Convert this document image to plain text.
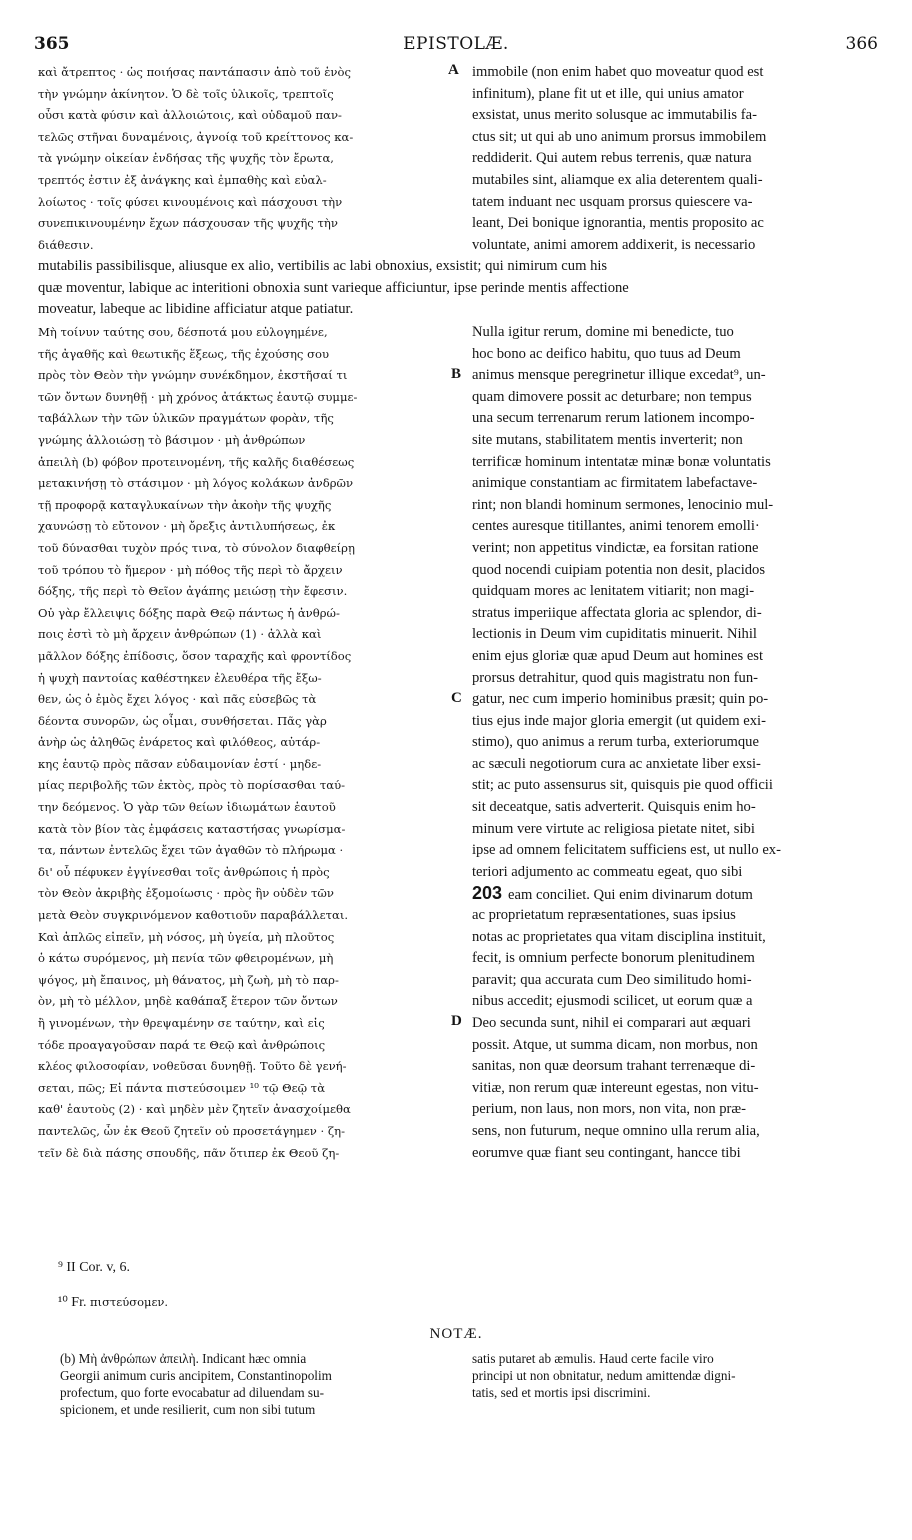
365	EPISTOLÆ.	366
καὶ ἄτρεπτος · ὡς ποιήσας παντάπασιν ἀπὸ τοῦ ἑνὸς
τὴν γνώμην ἀκίνητον. Ὁ δὲ τοῖς ὑλικοῖς, τρεπτοῖς
οὖσι κατὰ φύσιν καὶ ἀλλοιώτοις, καὶ οὐδαμοῦ παν-
τελῶς στῆναι δυναμένοις, ἀγνοίᾳ τοῦ κρείττονος κα-
τὰ γνώμην οἰκείαν ἐνδήσας τῆς ψυχῆς τὸν ἔρωτα,
τρεπτός ἐστιν ἐξ ἀνάγκης καὶ ἐμπαθὴς καὶ εὐαλ-
λοίωτος · τοῖς φύσει κινουμένοις καὶ πάσχουσι τὴν
συνεπικινουμένην ἔχων πάσχουσαν τῆς ψυχῆς τὴν
διάθεσιν.
immobile (non enim habet quo moveatur quod est
infinitum), plane fit ut et ille, qui unius amator
exsistat, unus merito solusque ac immutabilis fa-
ctus sit; ut qui ab uno animum prorsus immobilem
reddiderit. Qui autem rebus terrenis, quæ natura
mutabiles sint, aliamque ex alia deterentem quali-
tatem induant nec usquam prorsus quiescere va-
leant, Dei bonique ignorantia, mentis proposito ac
voluntate, animi amorem addixerit, is necessario
mutabilis passibilisque, aliusque ex alio, vertibilis ac labi obnoxius, exsistit; qui nimirum cum his
quæ moventur, labique ac interitioni obnoxia sunt varieque afficiuntur, ipse perinde mentis affectione
moveatur, labeque ac libidine afficiatur atque patiatur.
Μὴ τοίνυν ταύτης σου, δέσποτά μου εὐλογημένε,
τῆς ἀγαθῆς καὶ θεωτικῆς ἕξεως, τῆς ἐχούσης σου
πρὸς τὸν Θεὸν τὴν γνώμην συνέκδημον, ἐκστῆσαί τι
τῶν ὄντων δυνηθῇ · μὴ χρόνος ἀτάκτως ἑαυτῷ συμμε-
ταβάλλων τὴν τῶν ὑλικῶν πραγμάτων φορὰν, τῆς
γνώμης ἀλλοιώσῃ τὸ βάσιμον · μὴ ἀνθρώπων
ἀπειλὴ (b) φόβον προτεινομένη, τῆς καλῆς διαθέσεως
μετακινήσῃ τὸ στάσιμον · μὴ λόγος κολάκων ἀνδρῶν
τῇ προφορᾷ καταγλυκαίνων τὴν ἀκοὴν τῆς ψυχῆς
χαυνώσῃ τὸ εὔτονον · μὴ ὄρεξις ἀντιλυπήσεως, ἐκ
τοῦ δύνασθαι τυχὸν πρός τινα, τὸ σύνολον διαφθείρῃ
τοῦ τρόπου τὸ ἥμερον · μὴ πόθος τῆς περὶ τὸ ἄρχειν
δόξης, τῆς περὶ τὸ Θεῖον ἀγάπης μειώσῃ τὴν ἔφεσιν.
Οὐ γὰρ ἔλλειψις δόξης παρὰ Θεῷ πάντως ἡ ἀνθρώ-
ποις ἐστὶ τὸ μὴ ἄρχειν ἀνθρώπων (1) · ἀλλὰ καὶ
μᾶλλον δόξης ἐπίδοσις, ὅσον ταραχῆς καὶ φροντίδος
ἡ ψυχὴ παντοίας καθέστηκεν ἐλευθέρα τῆς ἔξω-
θεν, ὡς ὁ ἐμὸς ἔχει λόγος · καὶ πᾶς εὐσεβῶς τὰ
δέοντα συνορῶν, ὡς οἶμαι, συνθήσεται. Πᾶς γὰρ
ἀνὴρ ὡς ἀληθῶς ἐνάρετος καὶ φιλόθεος, αὐτάρ-
κης ἑαυτῷ πρὸς πᾶσαν εὐδαιμονίαν ἐστί · μηδε-
μίας περιβολῆς τῶν ἐκτὸς, πρὸς τὸ πορίσασθαι ταύ-
την δεόμενος. Ὁ γὰρ τῶν θείων ἰδιωμάτων ἑαυτοῦ
κατὰ τὸν βίον τὰς ἐμφάσεις καταστήσας γνωρίσμα-
τα, πάντων ἐντελῶς ἔχει τῶν ἀγαθῶν τὸ πλήρωμα ·
δι' οὗ πέφυκεν ἐγγίνεσθαι τοῖς ἀνθρώποις ἡ πρὸς
τὸν Θεὸν ἀκριβὴς ἐξομοίωσις · πρὸς ἣν οὐδὲν τῶν
μετὰ Θεὸν συγκρινόμενον καθοτιοῦν παραβάλλεται.
Καὶ ἁπλῶς εἰπεῖν, μὴ νόσος, μὴ ὑγεία, μὴ πλοῦτος
ὁ κάτω συρόμενος, μὴ πενία τῶν φθειρομένων, μὴ
ψόγος, μὴ ἔπαινος, μὴ θάνατος, μὴ ζωὴ, μὴ τὸ παρ-
ὸν, μὴ τὸ μέλλον, μηδὲ καθάπαξ ἕτερον τῶν ὄντων
ἢ γινομένων, τὴν θρεψαμένην σε ταύτην, καὶ εἰς
τόδε προαγαγοῦσαν παρά τε Θεῷ καὶ ἀνθρώποις
κλέος φιλοσοφίαν, νοθεῦσαι δυνηθῇ. Τοῦτο δὲ γενή-
σεται, πῶς; Εἰ πάντα πιστεύσοιμεν ¹⁰ τῷ Θεῷ τὰ
καθ' ἑαυτοὺς (2) · καὶ μηδὲν μὲν ζητεῖν ἀνασχοίμεθα
παντελῶς, ὧν ἐκ Θεοῦ ζητεῖν οὐ προσετάγημεν · ζη-
τεῖν δὲ διὰ πάσης σπουδῆς, πᾶν ὅτιπερ ἐκ Θεοῦ ζη-
Nulla igitur rerum, domine mi benedicte, tuo
hoc bono ac deifico habitu, quo tuus ad Deum
animus mensque peregrinetur illique excedat⁹, un-
quam dimovere possit ac deturbare; non tempus
una secum terrenarum rerum lationem incompo-
site mutans, stabilitatem mentis inverterit; non
terrificæ hominum intentatæ minæ bonæ voluntatis
animique constantiam ac firmitatem labefactave-
rint; non blandi hominum sermones, lenocinio mul-
centes auresque titillantes, animi tenorem emolli·
verint; non appetitus vindictæ, ea forsitan ratione
quod nocendi cuipiam potentia non desit, placidos
quidquam mores ac lenitatem vitiarit; non magi-
stratus imperiique affectata gloria ac splendor, di-
lectionis in Deum vim cupiditatis minuerit. Nihil
enim ejus gloriæ quæ apud Deum aut homines est
prorsus detrahitur, quod quis magistratu non fun-
gatur, nec cum imperio hominibus præsit; quin po-
tius ejus inde major gloria emergit (ut quidem exi-
stimo), quo animus a rerum turba, exteriorumque
ac sæculi negotiorum cura ac anxietate liber exsi-
stit; ac puto assensurus sit, quisquis pie quod officii
sit deceatque, satis adverterit. Quisquis enim ho-
minum vere virtute ac religiosa pietate nitet, sibi
ipse ad omnem felicitatem sufficiens est, ut nullo ex-
teriori adjumento ac commeatu egeat, quo sibi
203 eam conciliet. Qui enim divinarum dotum
ac proprietatum repræsentationes, suas ipsius
notas ac proprietates qua vitam disciplina instituit,
fecit, is omnium perfecte bonorum plenitudinem
paravit; qua accurata cum Deo similitudo homi-
nibus accedit; ejusmodi scilicet, ut eorum quæ a
Deo secunda sunt, nihil ei comparari aut æquari
possit. Atque, ut summa dicam, non morbus, non
sanitas, non quæ deorsum trahant terrenæque di-
vitiæ, non rerum quæ intereunt egestas, non vitu-
perium, non laus, non mors, non vita, non præ-
sens, non futurum, neque omnino ulla rerum alia,
eorumve quæ fiant seu contingant, hancce tibi
A
B
C
D
⁹ II Cor. v, 6.
¹⁰ Fr. πιστεύσομεν.
NOTÆ.
(b) Μὴ ἀνθρώπων ἀπειλὴ. Indicant hæc omnia
Georgii animum curis ancipitem, Constantinopolim
profectum, quo forte evocabatur ad diluendam su-
spicionem, et unde resilierit, cum non sibi tutum
satis putaret ab æmulis. Haud certe facile viro
principi ut non obnitatur, nedum amittendæ digni-
tatis, sed et mortis ipsi discrimini.
